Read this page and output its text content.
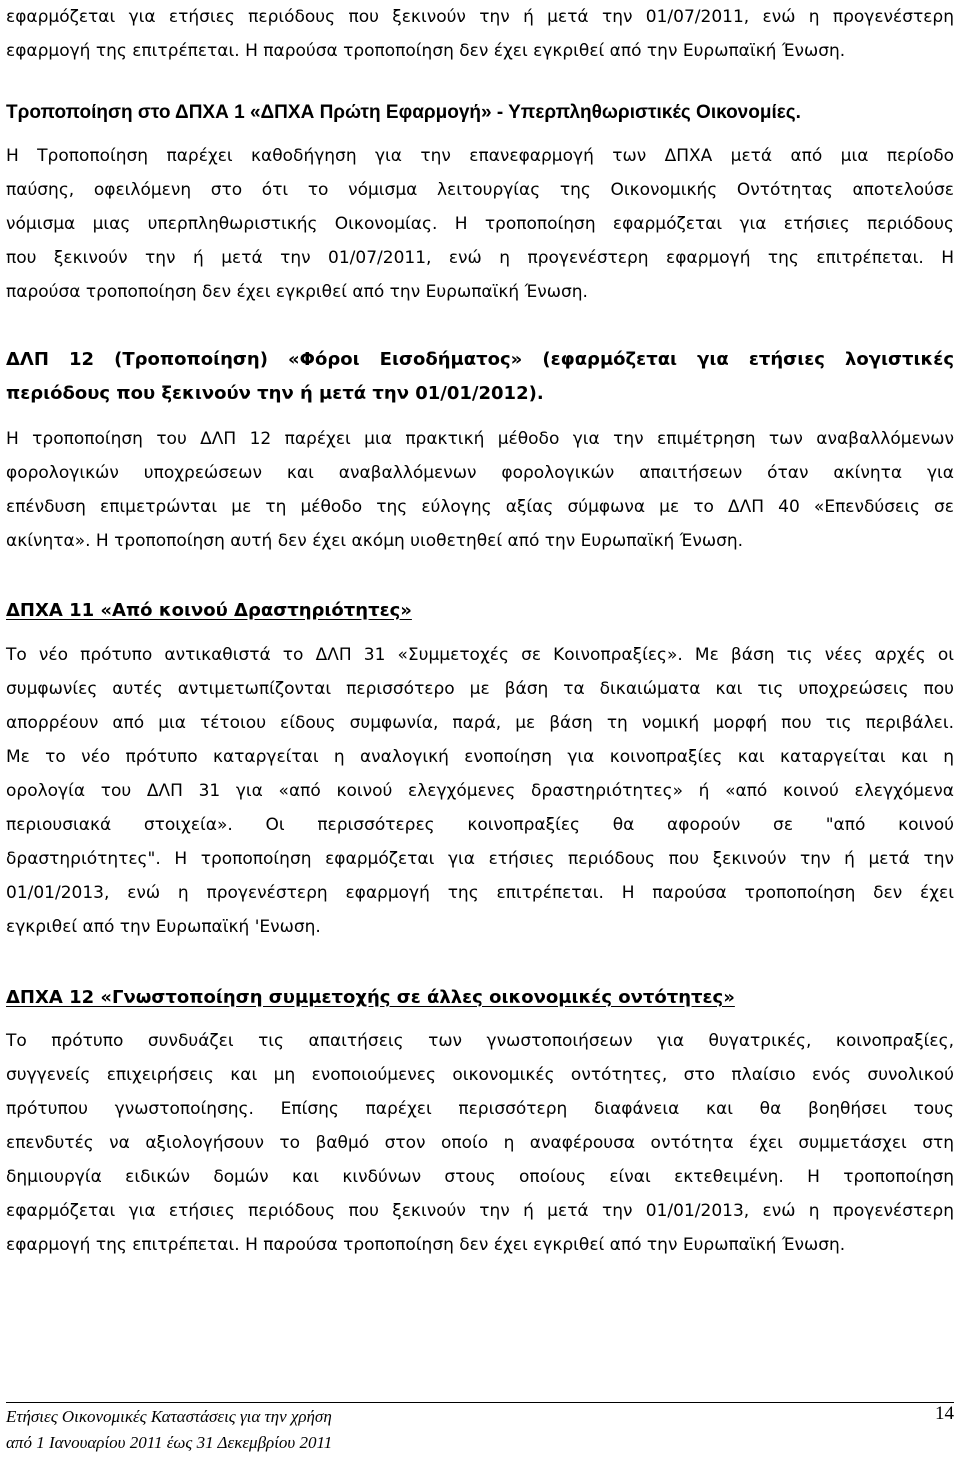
εφαρμόζεται για ετήσιες περιόδους που ξεκινούν την ή μετά την 01/07/2011, ενώ η προγενέστερη
εφαρμογή της επιτρέπεται. Η παρούσα τροποποίηση δεν έχει εγκριθεί από την Ευρωπαϊκή Ένωση.
Τροποποίηση στο ΔΠΧΑ 1 «ΔΠΧΑ Πρώτη Εφαρμογή» - Υπερπληθωριστικές Οικονομίες.
Η Τροποποίηση παρέχει καθοδήγηση για την επανεφαρμογή των ΔΠΧΑ μετά από μια περίοδο
παύσης, οφειλόμενη στο ότι το νόμισμα λειτουργίας της Οικονομικής Οντότητας αποτελούσε
νόμισμα μιας υπερπληθωριστικής Οικονομίας. Η τροποποίηση εφαρμόζεται για ετήσιες περιόδους
που ξεκινούν την ή μετά την 01/07/2011, ενώ η προγενέστερη εφαρμογή της επιτρέπεται. Η
παρούσα τροποποίηση δεν έχει εγκριθεί από την Ευρωπαϊκή Ένωση.
ΔΛΠ 12 (Τροποποίηση) «Φόροι Εισοδήματος» (εφαρμόζεται για ετήσιες λογιστικές
περιόδους που ξεκινούν την ή μετά την 01/01/2012).
Η τροποποίηση του ΔΛΠ 12 παρέχει μια πρακτική μέθοδο για την επιμέτρηση των αναβαλλόμενων
φορολογικών υποχρεώσεων και αναβαλλόμενων φορολογικών απαιτήσεων όταν ακίνητα για
επένδυση επιμετρώνται με τη μέθοδο της εύλογης αξίας σύμφωνα με το ΔΛΠ 40 «Επενδύσεις σε
ακίνητα». Η τροποποίηση αυτή δεν έχει ακόμη υιοθετηθεί από την Ευρωπαϊκή Ένωση.
ΔΠΧΑ 11 «Από κοινού Δραστηριότητες»
Το νέο πρότυπο αντικαθιστά το ΔΛΠ 31 «Συμμετοχές σε Κοινοπραξίες». Με βάση τις νέες αρχές οι
συμφωνίες αυτές αντιμετωπίζονται περισσότερο με βάση τα δικαιώματα και τις υποχρεώσεις που
απορρέουν από μια τέτοιου είδους συμφωνία, παρά, με βάση τη νομική μορφή που τις περιβάλει.
Με το νέο πρότυπο καταργείται η αναλογική ενοποίηση για κοινοπραξίες και καταργείται και η
ορολογία του ΔΛΠ 31 για «από κοινού ελεγχόμενες δραστηριότητες» ή «από κοινού ελεγχόμενα
περιουσιακά στοιχεία». Οι περισσότερες κοινοπραξίες θα αφορούν σε "από κοινού
δραστηριότητες". Η τροποποίηση εφαρμόζεται για ετήσιες περιόδους που ξεκινούν την ή μετά την
01/01/2013, ενώ η προγενέστερη εφαρμογή της επιτρέπεται. Η παρούσα τροποποίηση δεν έχει
εγκριθεί από την Ευρωπαϊκή 'Ενωση.
ΔΠΧΑ 12 «Γνωστοποίηση συμμετοχής σε άλλες οικονομικές οντότητες»
Το πρότυπο συνδυάζει τις απαιτήσεις των γνωστοποιήσεων για θυγατρικές, κοινοπραξίες,
συγγενείς επιχειρήσεις και μη ενοποιούμενες οικονομικές οντότητες, στο πλαίσιο ενός συνολικού
πρότυπου γνωστοποίησης. Επίσης παρέχει περισσότερη διαφάνεια και θα βοηθήσει τους
επενδυτές να αξιολογήσουν το βαθμό στον οποίο η αναφέρουσα οντότητα έχει συμμετάσχει στη
δημιουργία ειδικών δομών και κινδύνων στους οποίους είναι εκτεθειμένη. Η τροποποίηση
εφαρμόζεται για ετήσιες περιόδους που ξεκινούν την ή μετά την 01/01/2013, ενώ η προγενέστερη
εφαρμογή της επιτρέπεται. Η παρούσα τροποποίηση δεν έχει εγκριθεί από την Ευρωπαϊκή Ένωση.
Ετήσιες Οικονομικές Καταστάσεις για την χρήση
από 1 Ιανουαρίου 2011 έως 31 Δεκεμβρίου 2011
14
